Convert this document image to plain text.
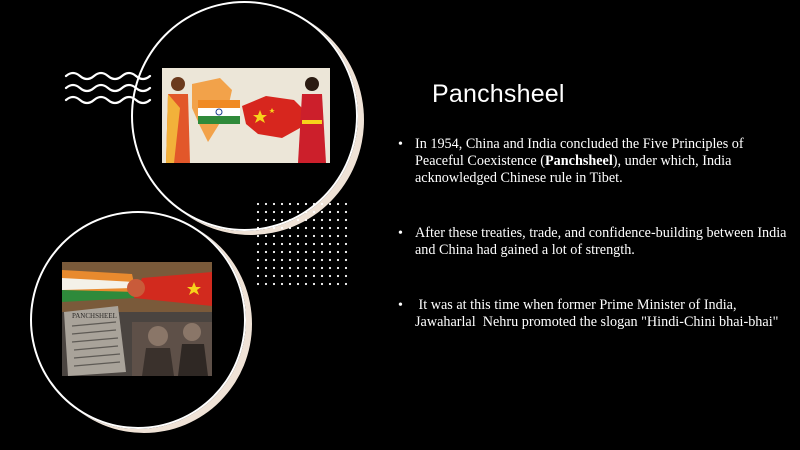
PANCHSHEEL
Panchsheel
• In 1954, China and India concluded the Five Principles of Peaceful Coexistence (Panchsheel), under which, India acknowledged Chinese rule in Tibet.
• After these treaties, trade, and confidence-building between India and China had gained a lot of strength.
•  It was at this time when former Prime Minister of India, Jawaharlal  Nehru promoted the slogan "Hindi-Chini bhai-bhai"
